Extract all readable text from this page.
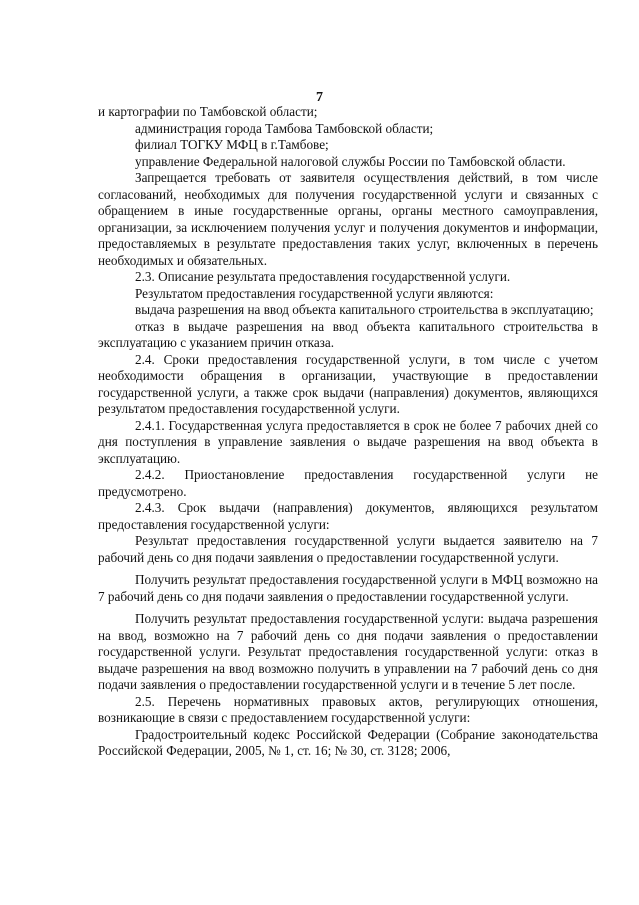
7

и картографии по Тамбовской области;

администрация города Тамбова Тамбовской области;

филиал ТОГКУ МФЦ в г.Тамбове;

управление Федеральной налоговой службы России по Тамбовской области.

Запрещается требовать от заявителя осуществления действий, в том числе согласований, необходимых для получения государственной услуги и связанных с обращением в иные государственные органы, органы местного самоуправления, организации, за исключением получения услуг и получения документов и информации, предоставляемых в результате предоставления таких услуг, включенных в перечень необходимых и обязательных.

2.3. Описание результата предоставления государственной услуги.

Результатом предоставления государственной услуги являются:

выдача разрешения на ввод объекта капитального строительства в эксплуатацию;

отказ в выдаче разрешения на ввод объекта капитального строительства в эксплуатацию с указанием причин отказа.

2.4. Сроки предоставления государственной услуги, в том числе с учетом необходимости обращения в организации, участвующие в предоставлении государственной услуги, а также срок выдачи (направления) документов, являющихся результатом предоставления государственной услуги.

2.4.1. Государственная услуга предоставляется в срок не более 7 рабочих дней со дня поступления в управление заявления о выдаче разрешения на ввод объекта в эксплуатацию.

2.4.2. Приостановление предоставления государственной услуги не предусмотрено.

2.4.3. Срок выдачи (направления) документов, являющихся результатом предоставления государственной услуги:

Результат предоставления государственной услуги выдается заявителю на 7 рабочий день со дня подачи заявления о предоставлении государственной услуги.

Получить результат предоставления государственной услуги в МФЦ возможно на 7 рабочий день со дня подачи заявления о предоставлении государственной услуги.

Получить результат предоставления государственной услуги: выдача разрешения на ввод, возможно на 7 рабочий день со дня подачи заявления о предоставлении государственной услуги. Результат предоставления государственной услуги: отказ в выдаче разрешения на ввод возможно получить в управлении на 7 рабочий день со дня подачи заявления о предоставлении государственной услуги и в течение 5 лет после.

2.5. Перечень нормативных правовых актов, регулирующих отношения, возникающие в связи с предоставлением государственной услуги:

Градостроительный кодекс Российской Федерации (Собрание законодательства Российской Федерации, 2005, № 1, ст. 16; № 30, ст. 3128; 2006,
